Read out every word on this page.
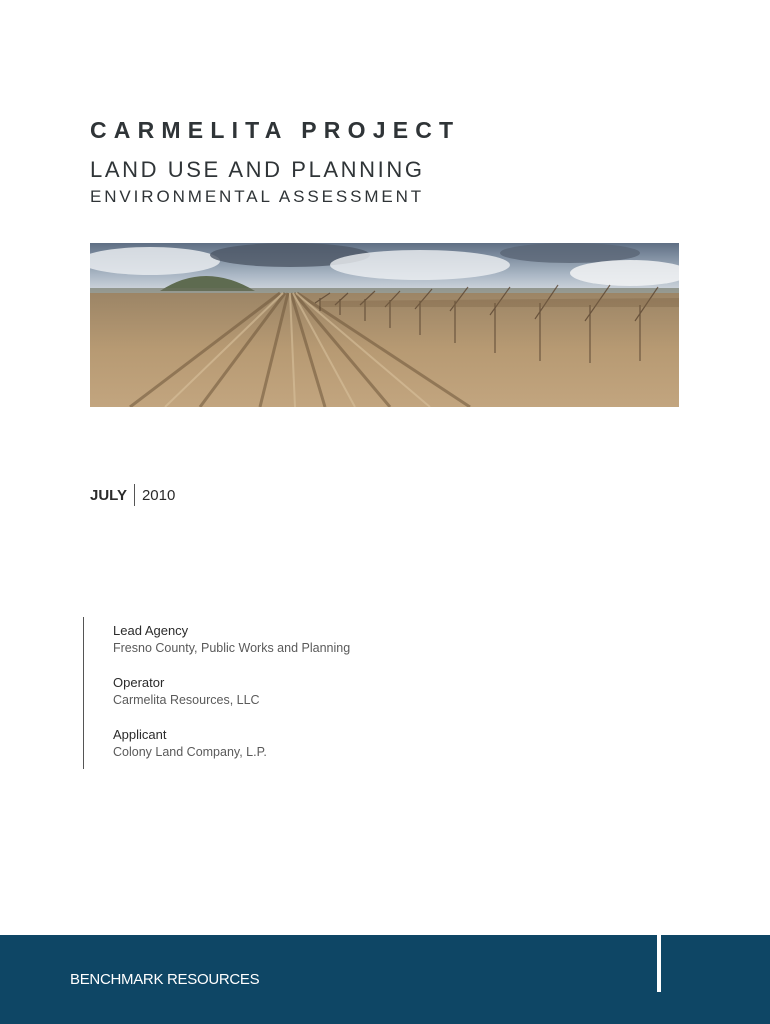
CARMELITA PROJECT
LAND USE AND PLANNING
ENVIRONMENTAL ASSESSMENT
JULY 2010
Lead Agency
Fresno County, Public Works and Planning
Operator
Carmelita Resources, LLC
Applicant
Colony Land Company, L.P.
BENCHMARK RESOURCES
